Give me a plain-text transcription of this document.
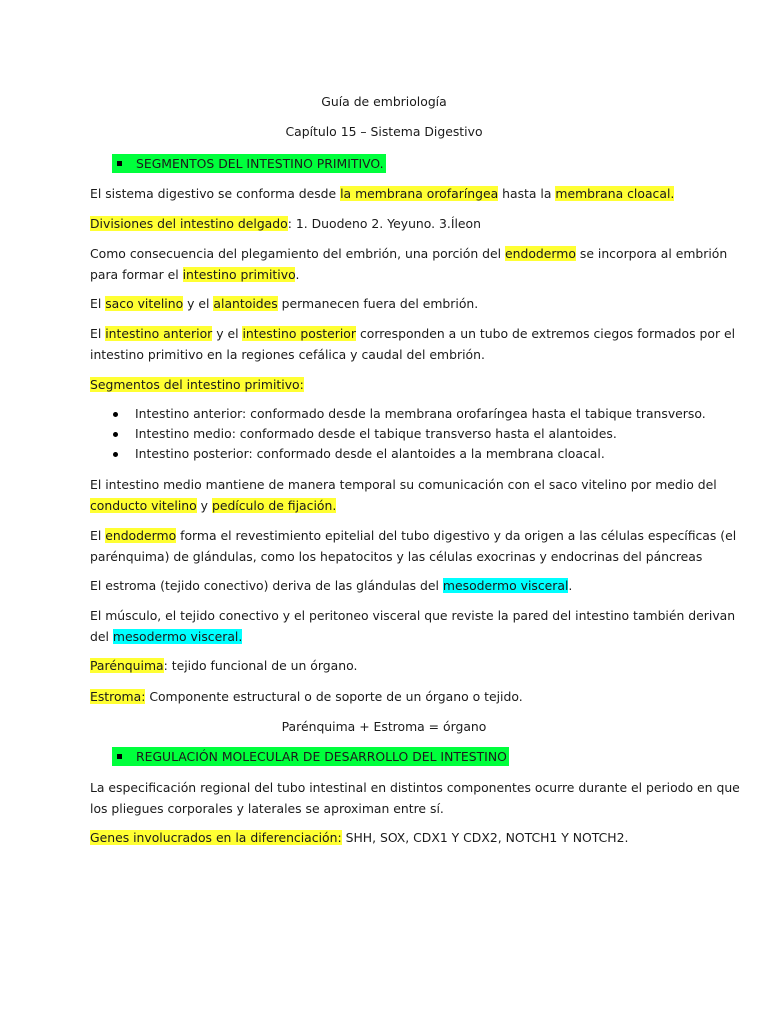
Guía de embriología
Capítulo 15 – Sistema Digestivo
SEGMENTOS DEL INTESTINO PRIMITIVO.
El sistema digestivo se conforma desde la membrana orofaríngea hasta la membrana cloacal.
Divisiones del intestino delgado: 1. Duodeno 2. Yeyuno. 3.Íleon
Como consecuencia del plegamiento del embrión, una porción del endodermo se incorpora al embrión
para formar el intestino primitivo.
El saco vitelino y el alantoides permanecen fuera del embrión.
El intestino anterior y el intestino posterior corresponden a un tubo de extremos ciegos formados por el
intestino primitivo en la regiones cefálica y caudal del embrión.
Segmentos del intestino primitivo:
Intestino anterior: conformado desde la membrana orofaríngea hasta el tabique transverso.
Intestino medio: conformado desde el tabique transverso hasta el alantoides.
Intestino posterior: conformado desde el alantoides a la membrana cloacal.
El intestino medio mantiene de manera temporal su comunicación con el saco vitelino por medio del
conducto vitelino y pedículo de fijación.
El endodermo forma el revestimiento epitelial del tubo digestivo y da origen a las células específicas (el
parénquima) de glándulas, como los hepatocitos y las células exocrinas y endocrinas del páncreas
El estroma (tejido conectivo) deriva de las glándulas del mesodermo visceral.
El músculo, el tejido conectivo y el peritoneo visceral que reviste la pared del intestino también derivan
del mesodermo visceral.
Parénquima: tejido funcional de un órgano.
Estroma: Componente estructural o de soporte de un órgano o tejido.
Parénquima + Estroma = órgano
REGULACIÓN MOLECULAR DE DESARROLLO DEL INTESTINO
La especificación regional del tubo intestinal en distintos componentes ocurre durante el periodo en que
los pliegues corporales y laterales se aproximan entre sí.
Genes involucrados en la diferenciación: SHH, SOX, CDX1 Y CDX2, NOTCH1 Y NOTCH2.
